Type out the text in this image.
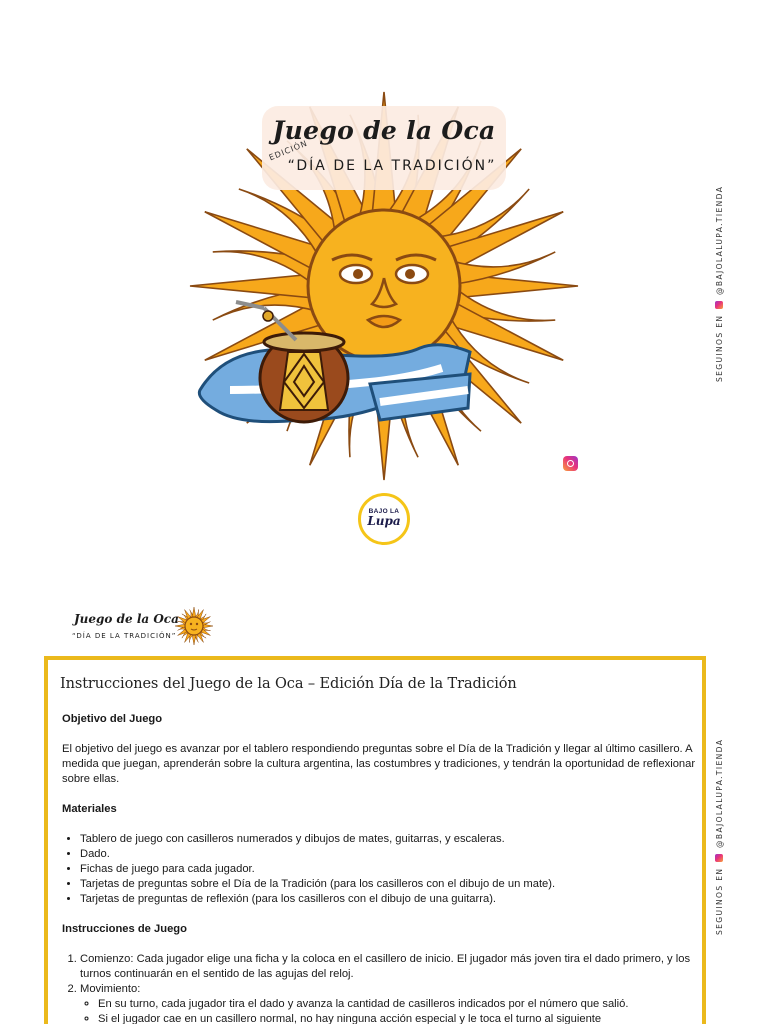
Juego de la Oca
EDICIÓN
“DÍA DE LA TRADICIÓN”
BAJO LA
Lupa
SEGUINOS EN  @BAJOLALUPA.TIENDA
SEGUINOS EN  @BAJOLALUPA.TIENDA
Juego de la Oca
“DÍA DE LA TRADICIÓN”
Instrucciones del Juego de la Oca – Edición Día de la Tradición
Objetivo del Juego

El objetivo del juego es avanzar por el tablero respondiendo preguntas sobre el Día de la Tradición y llegar al último casillero. A medida que juegan, aprenderán sobre la cultura argentina, las costumbres y tradiciones, y tendrán la oportunidad de reflexionar sobre ellas.

Materiales
• Tablero de juego con casilleros numerados y dibujos de mates, guitarras, y escaleras.
• Dado.
• Fichas de juego para cada jugador.
• Tarjetas de preguntas sobre el Día de la Tradición (para los casilleros con el dibujo de un mate).
• Tarjetas de preguntas de reflexión (para los casilleros con el dibujo de una guitarra).
Instrucciones de Juego
1. Comienzo: Cada jugador elige una ficha y la coloca en el casillero de inicio. El jugador más joven tira el dado primero, y los turnos continuarán en el sentido de las agujas del reloj.
2. Movimiento:
◦ En su turno, cada jugador tira el dado y avanza la cantidad de casilleros indicados por el número que salió.
◦ Si el jugador cae en un casillero normal, no hay ninguna acción especial y le toca el turno al siguiente
